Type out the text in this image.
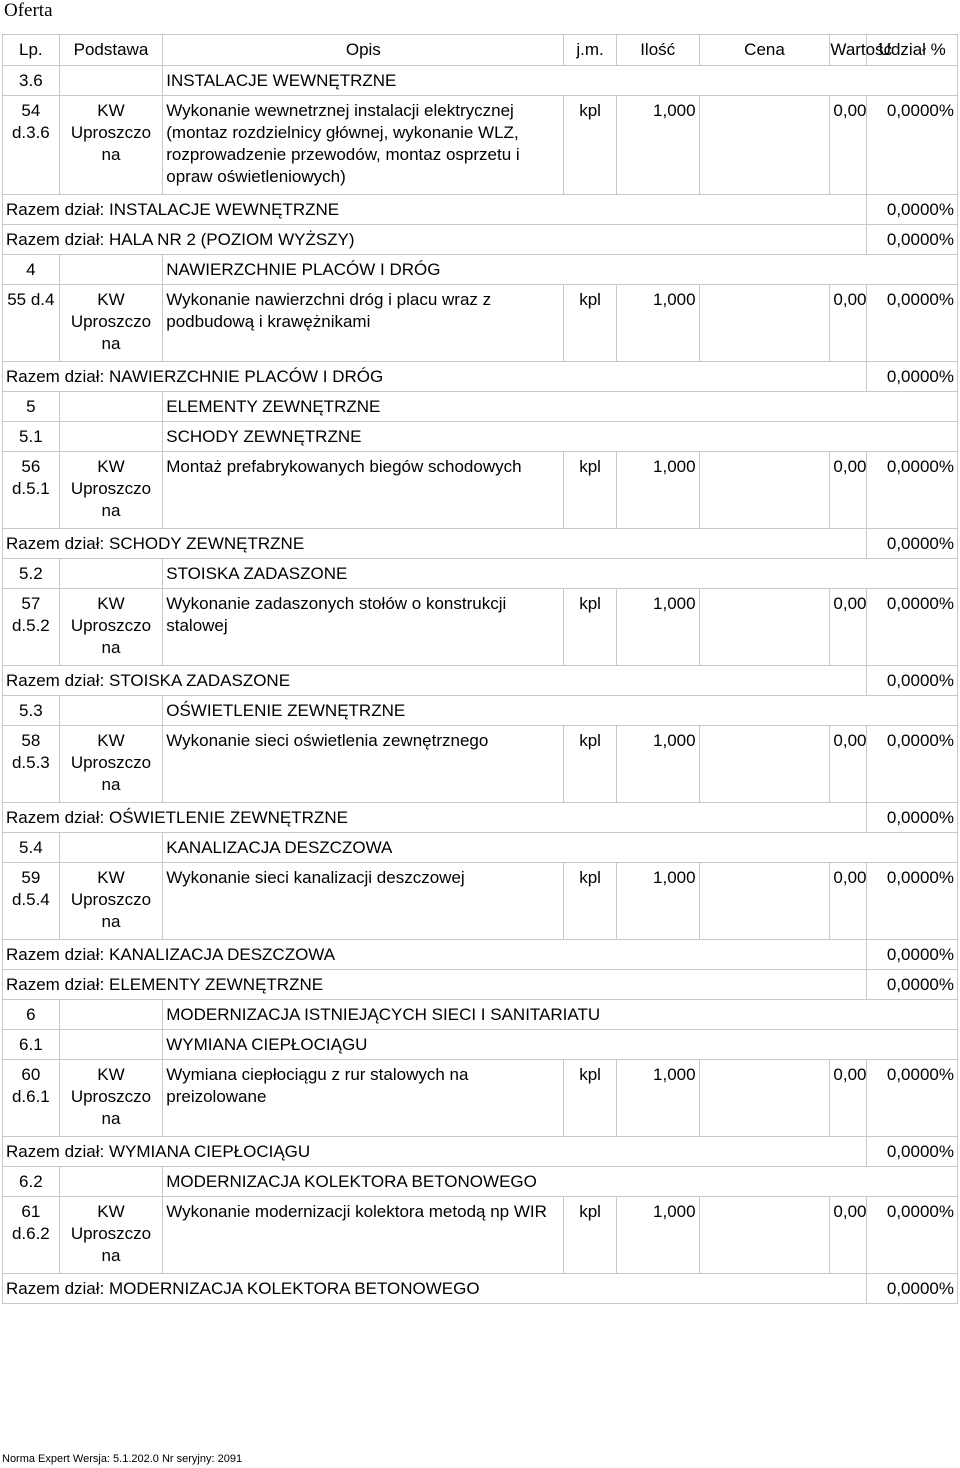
Oferta
Lp.	Podstawa	Opis	j.m.	Ilość	Cena	Wartość	Udział %
3.6		INSTALACJE WEWNĘTRZNE					
54 d.3.6	KW Uproszczo na	Wykonanie wewnetrznej instalacji elektrycznej (montaz rozdzielnicy głównej, wykonanie WLZ, rozprowadzenie przewodów, montaz osprzetu i opraw oświetleniowych)	kpl	1,000		0,00	0,0000%
Razem dział: INSTALACJE WEWNĘTRZNE							0,0000%
Razem dział: HALA NR 2 (POZIOM WYŻSZY)							0,0000%
4		NAWIERZCHNIE PLACÓW I DRÓG					
55 d.4	KW Uproszczo na	Wykonanie nawierzchni dróg i placu wraz z podbudową i krawężnikami	kpl	1,000		0,00	0,0000%
Razem dział: NAWIERZCHNIE PLACÓW I DRÓG							0,0000%
5		ELEMENTY ZEWNĘTRZNE					
5.1		SCHODY ZEWNĘTRZNE					
56 d.5.1	KW Uproszczo na	Montaż prefabrykowanych biegów schodowych	kpl	1,000		0,00	0,0000%
Razem dział: SCHODY ZEWNĘTRZNE							0,0000%
5.2		STOISKA ZADASZONE					
57 d.5.2	KW Uproszczo na	Wykonanie zadaszonych stołów o konstrukcji stalowej	kpl	1,000		0,00	0,0000%
Razem dział: STOISKA ZADASZONE							0,0000%
5.3		OŚWIETLENIE ZEWNĘTRZNE					
58 d.5.3	KW Uproszczo na	Wykonanie sieci oświetlenia zewnętrznego	kpl	1,000		0,00	0,0000%
Razem dział: OŚWIETLENIE ZEWNĘTRZNE							0,0000%
5.4		KANALIZACJA DESZCZOWA					
59 d.5.4	KW Uproszczo na	Wykonanie sieci kanalizacji deszczowej	kpl	1,000		0,00	0,0000%
Razem dział: KANALIZACJA DESZCZOWA							0,0000%
Razem dział: ELEMENTY ZEWNĘTRZNE							0,0000%
6		MODERNIZACJA ISTNIEJĄCYCH SIECI I SANITARIATU					
6.1		WYMIANA CIEPŁOCIĄGU					
60 d.6.1	KW Uproszczo na	Wymiana ciepłociągu z rur stalowych na preizolowane	kpl	1,000		0,00	0,0000%
Razem dział: WYMIANA CIEPŁOCIĄGU							0,0000%
6.2		MODERNIZACJA KOLEKTORA BETONOWEGO					
61 d.6.2	KW Uproszczo na	Wykonanie modernizacji kolektora metodą np WIR	kpl	1,000		0,00	0,0000%
Razem dział: MODERNIZACJA KOLEKTORA BETONOWEGO							0,0000%
Norma Expert Wersja: 5.1.202.0 Nr seryjny: 2091
